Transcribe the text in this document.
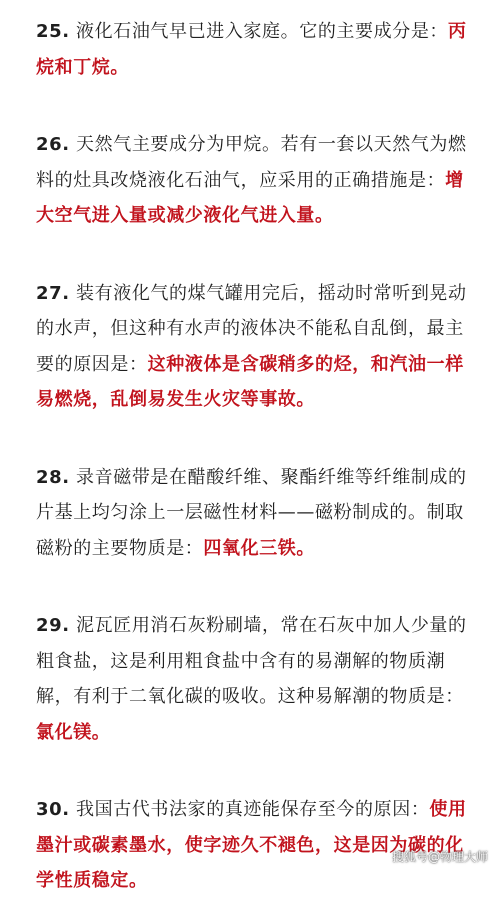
25. 液化石油气早已进入家庭。它的主要成分是：丙烷和丁烷。

26. 天然气主要成分为甲烷。若有一套以天然气为燃料的灶具改烧液化石油气，应采用的正确措施是：增大空气进入量或减少液化气进入量。

27. 装有液化气的煤气罐用完后，摇动时常听到晃动的水声，但这种有水声的液体决不能私自乱倒，最主要的原因是：这种液体是含碳稍多的烃，和汽油一样易燃烧，乱倒易发生火灾等事故。

28. 录音磁带是在醋酸纤维、聚酯纤维等纤维制成的片基上均匀涂上一层磁性材料——磁粉制成的。制取磁粉的主要物质是：四氧化三铁。

29. 泥瓦匠用消石灰粉刷墙，常在石灰中加人少量的粗食盐，这是利用粗食盐中含有的易潮解的物质潮解，有利于二氧化碳的吸收。这种易解潮的物质是：氯化镁。

30. 我国古代书法家的真迹能保存至今的原因：使用墨汁或碳素墨水，使字迹久不褪色，这是因为碳的化学性质稳定。

搜狐号@物理大师
